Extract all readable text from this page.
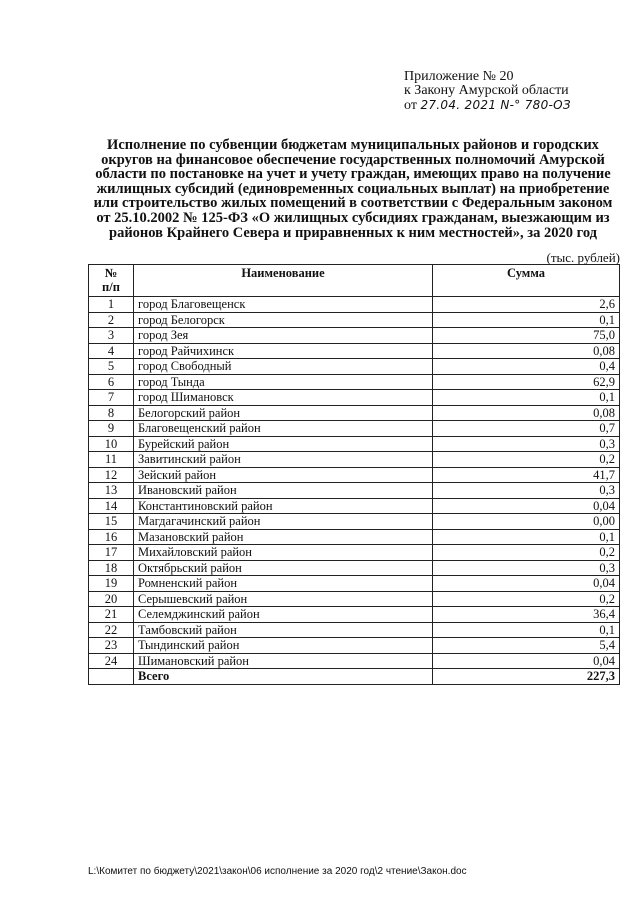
Приложение № 20
к Закону Амурской области
от 27.04. 2021 N-° 780-ОЗ
Исполнение по субвенции бюджетам муниципальных районов и городских округов на финансовое обеспечение государственных полномочий Амурской области по постановке на учет и учету граждан, имеющих право на получение жилищных субсидий (единовременных социальных выплат) на приобретение или строительство жилых помещений в соответствии с Федеральным законом от 25.10.2002 № 125-ФЗ «О жилищных субсидиях гражданам, выезжающим из районов Крайнего Севера и приравненных к ним местностей», за 2020 год
(тыс. рублей)
№
п/п	Наименование	Сумма
1	город Благовещенск	2,6
2	город Белогорск	0,1
3	город Зея	75,0
4	город Райчихинск	0,08
5	город Свободный	0,4
6	город Тында	62,9
7	город Шимановск	0,1
8	Белогорский район	0,08
9	Благовещенский район	0,7
10	Бурейский район	0,3
11	Завитинский район	0,2
12	Зейский район	41,7
13	Ивановский район	0,3
14	Константиновский район	0,04
15	Магдагачинский район	0,00
16	Мазановский район	0,1
17	Михайловский район	0,2
18	Октябрьский район	0,3
19	Ромненский район	0,04
20	Серышевский район	0,2
21	Селемджинский район	36,4
22	Тамбовский район	0,1
23	Тындинский район	5,4
24	Шимановский район	0,04
	Всего	227,3
L:\Комитет по бюджету\2021\закон\06 исполнение за 2020 год\2 чтение\Закон.doc
